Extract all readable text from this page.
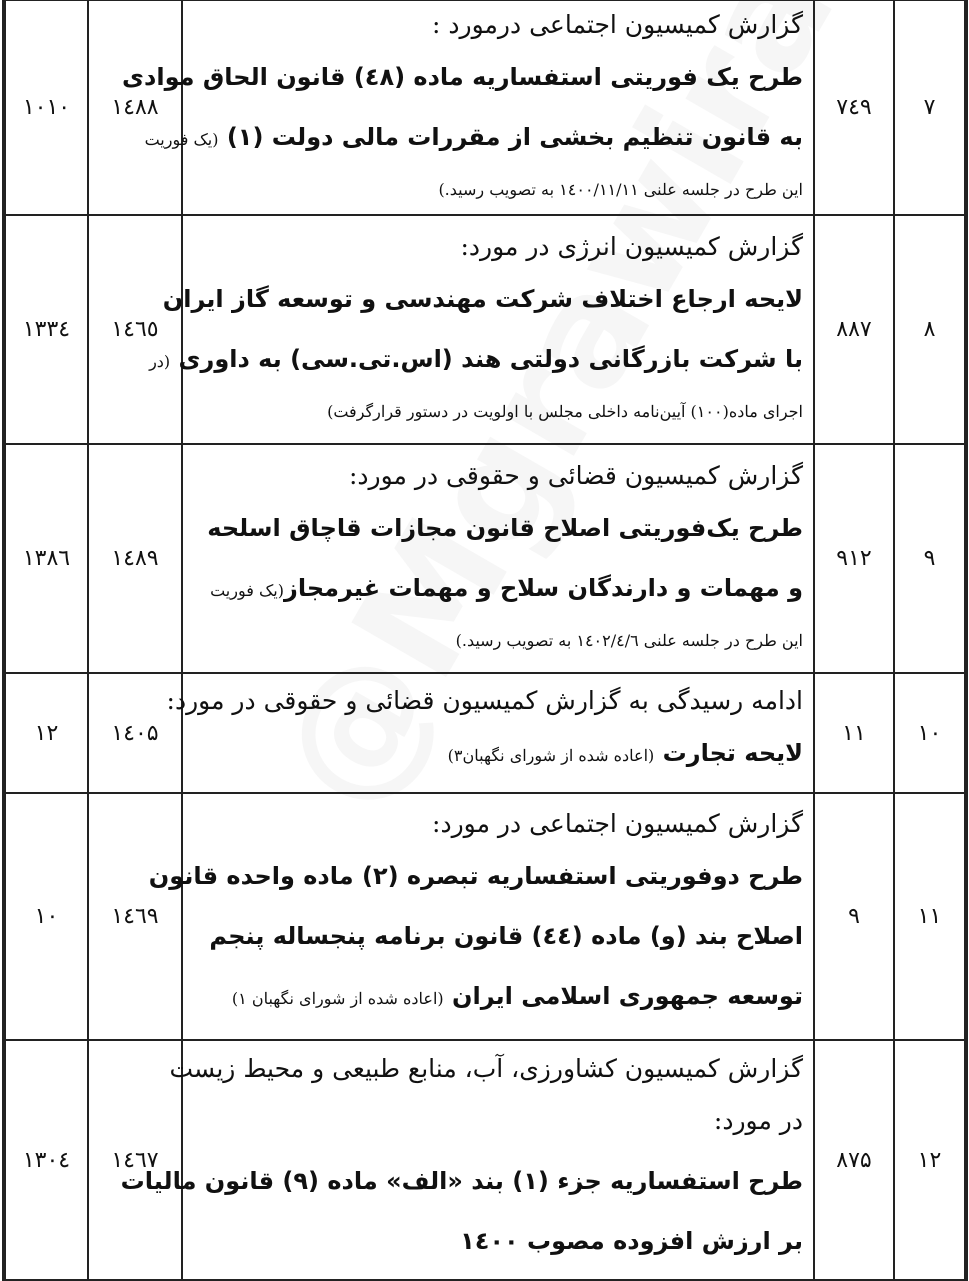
۷	۷٤۹	گزارش کمیسیون اجتماعی درمورد :
طرح یک فوریتی استفساریه ماده (٤۸) قانون الحاق موادی
به قانون تنظیم بخشی از مقررات مالی دولت (۱) (یک فوریت
این طرح در جلسه علنی ۱٤۰۰/۱۱/۱۱ به تصویب رسید.)	۱٤۸۸	۱۰۱۰
۸	۸۸۷	گزارش کمیسیون انرژی در مورد:
لایحه ارجاع اختلاف شرکت مهندسی و توسعه گاز ایران
با شرکت بازرگانی دولتی هند (اس.تی.سی) به داوری (در
اجرای ماده(۱۰۰) آیین‌نامه داخلی مجلس با اولویت در دستور قرارگرفت)	۱٤٦٥	۱۳۳٤
۹	۹۱۲	گزارش کمیسیون قضائی و حقوقی در مورد:
طرح یک‌فوریتی اصلاح قانون مجازات قاچاق اسلحه
و مهمات و دارندگان سلاح و مهمات غیرمجاز(یک فوریت
این طرح در جلسه علنی ۱٤۰۲/٤/٦ به تصویب رسید.)	۱٤۸۹	۱۳۸٦
۱۰	۱۱	ادامه رسیدگی به گزارش کمیسیون قضائی و حقوقی در مورد:
لایحه تجارت (اعاده شده از شورای نگهبان۳)	۱٤۰۵	۱۲
۱۱	۹	گزارش کمیسیون اجتماعی در مورد:
طرح دوفوریتی استفساریه تبصره (۲) ماده واحده قانون
اصلاح بند (و) ماده (٤٤) قانون برنامه پنجساله پنجم
توسعه جمهوری اسلامی ایران (اعاده شده از شورای نگهبان ۱)	۱٤٦۹	۱۰
۱۲	۸۷۵	گزارش کمیسیون کشاورزی، آب، منابع طبیعی و محیط زیست
در مورد:
طرح استفساریه جزء (۱) بند «الف» ماده (۹) قانون مالیات
بر ارزش افزوده مصوب ۱٤۰۰	۱٤٦۷	۱۳۰٤
